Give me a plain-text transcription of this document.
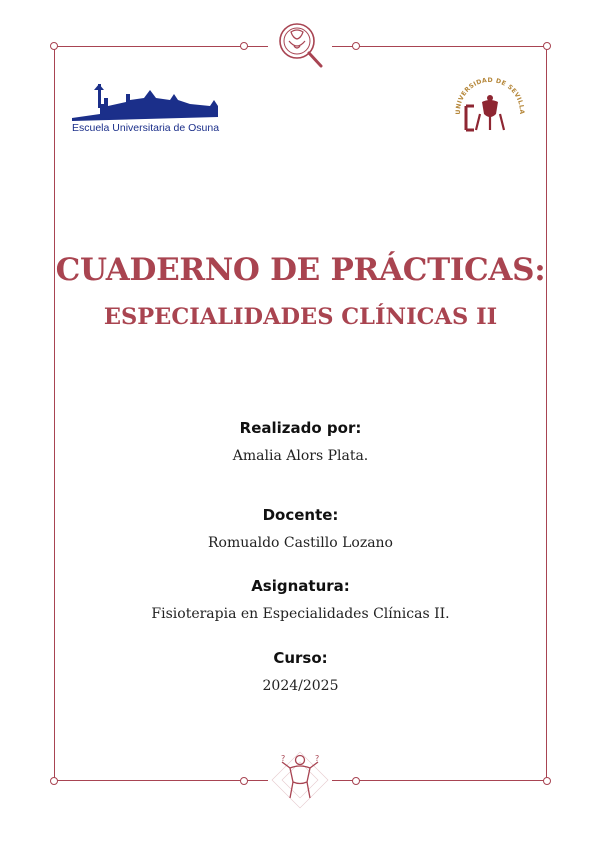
?	?
Escuela Universitaria de Osuna
UNIVERSIDAD DE SEVILLA
CUADERNO DE PRÁCTICAS:
ESPECIALIDADES CLÍNICAS II

Realizado por:

Amalia Alors Plata.

Docente:

Romualdo Castillo Lozano

Asignatura:

Fisioterapia en Especialidades Clínicas II.

Curso:

2024/2025
